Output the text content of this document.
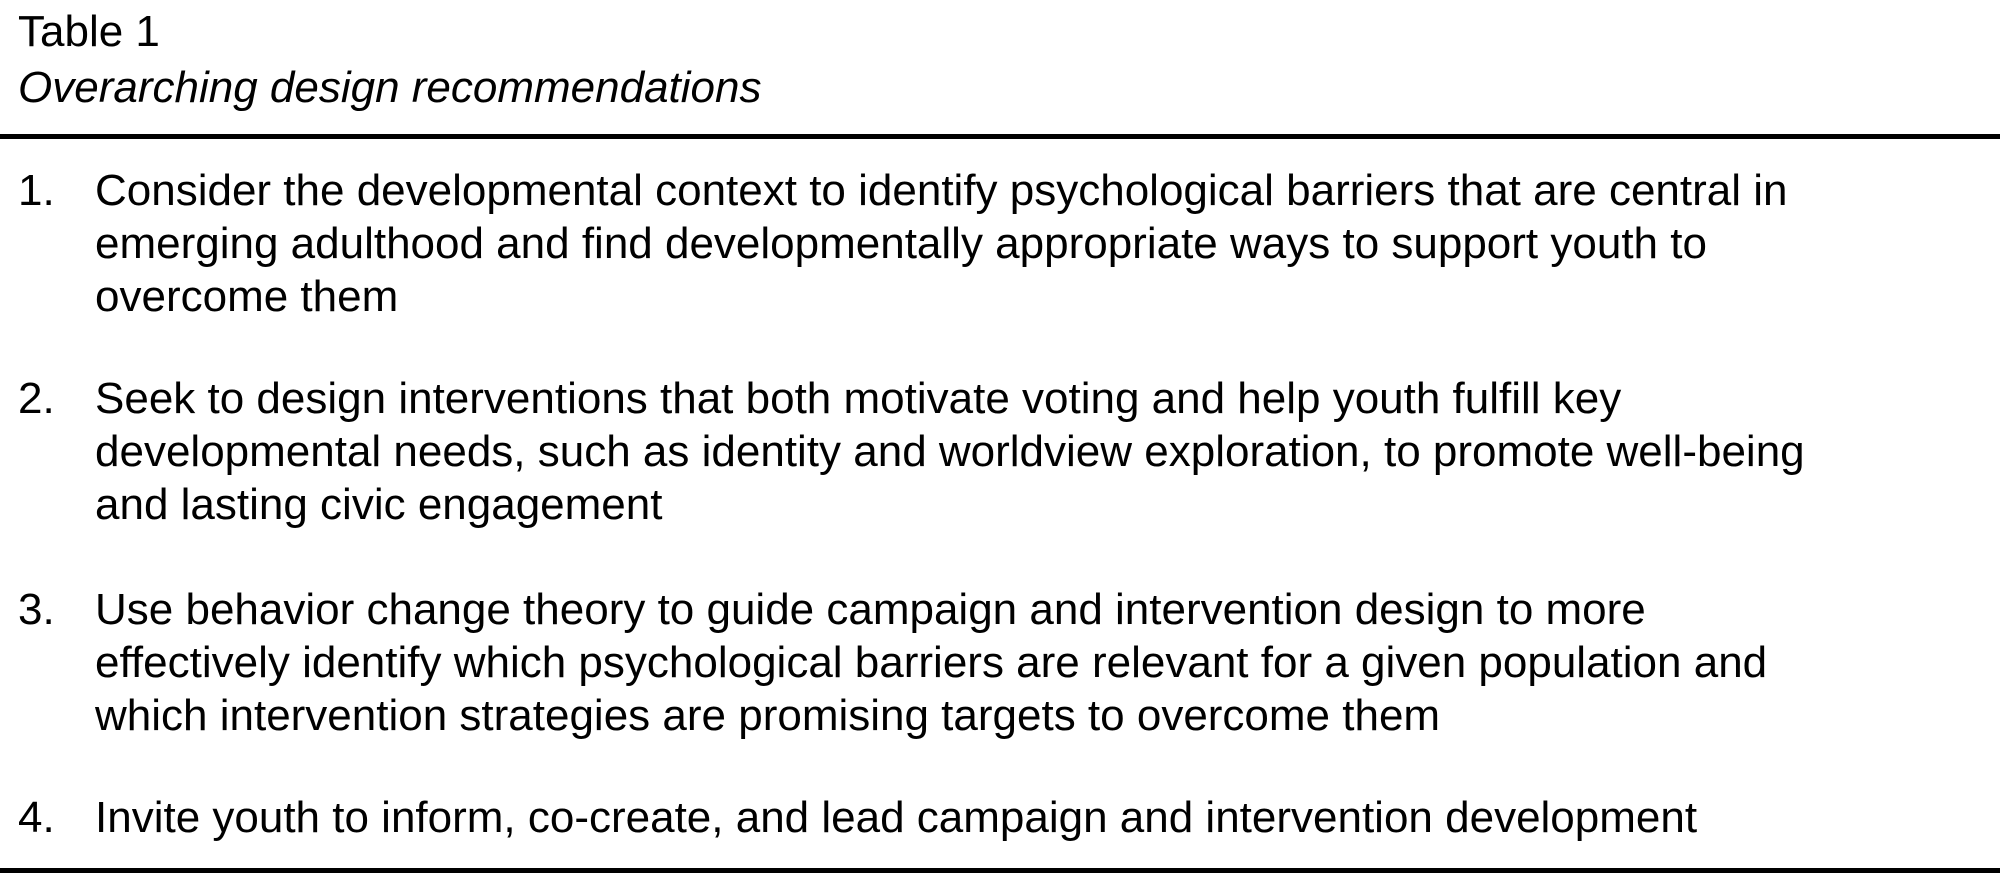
Table 1
Overarching design recommendations
1. Consider the developmental context to identify psychological barriers that are central in
emerging adulthood and find developmentally appropriate ways to support youth to
overcome them
2. Seek to design interventions that both motivate voting and help youth fulfill key
developmental needs, such as identity and worldview exploration, to promote well-being
and lasting civic engagement
3. Use behavior change theory to guide campaign and intervention design to more
effectively identify which psychological barriers are relevant for a given population and
which intervention strategies are promising targets to overcome them
4. Invite youth to inform, co-create, and lead campaign and intervention development
